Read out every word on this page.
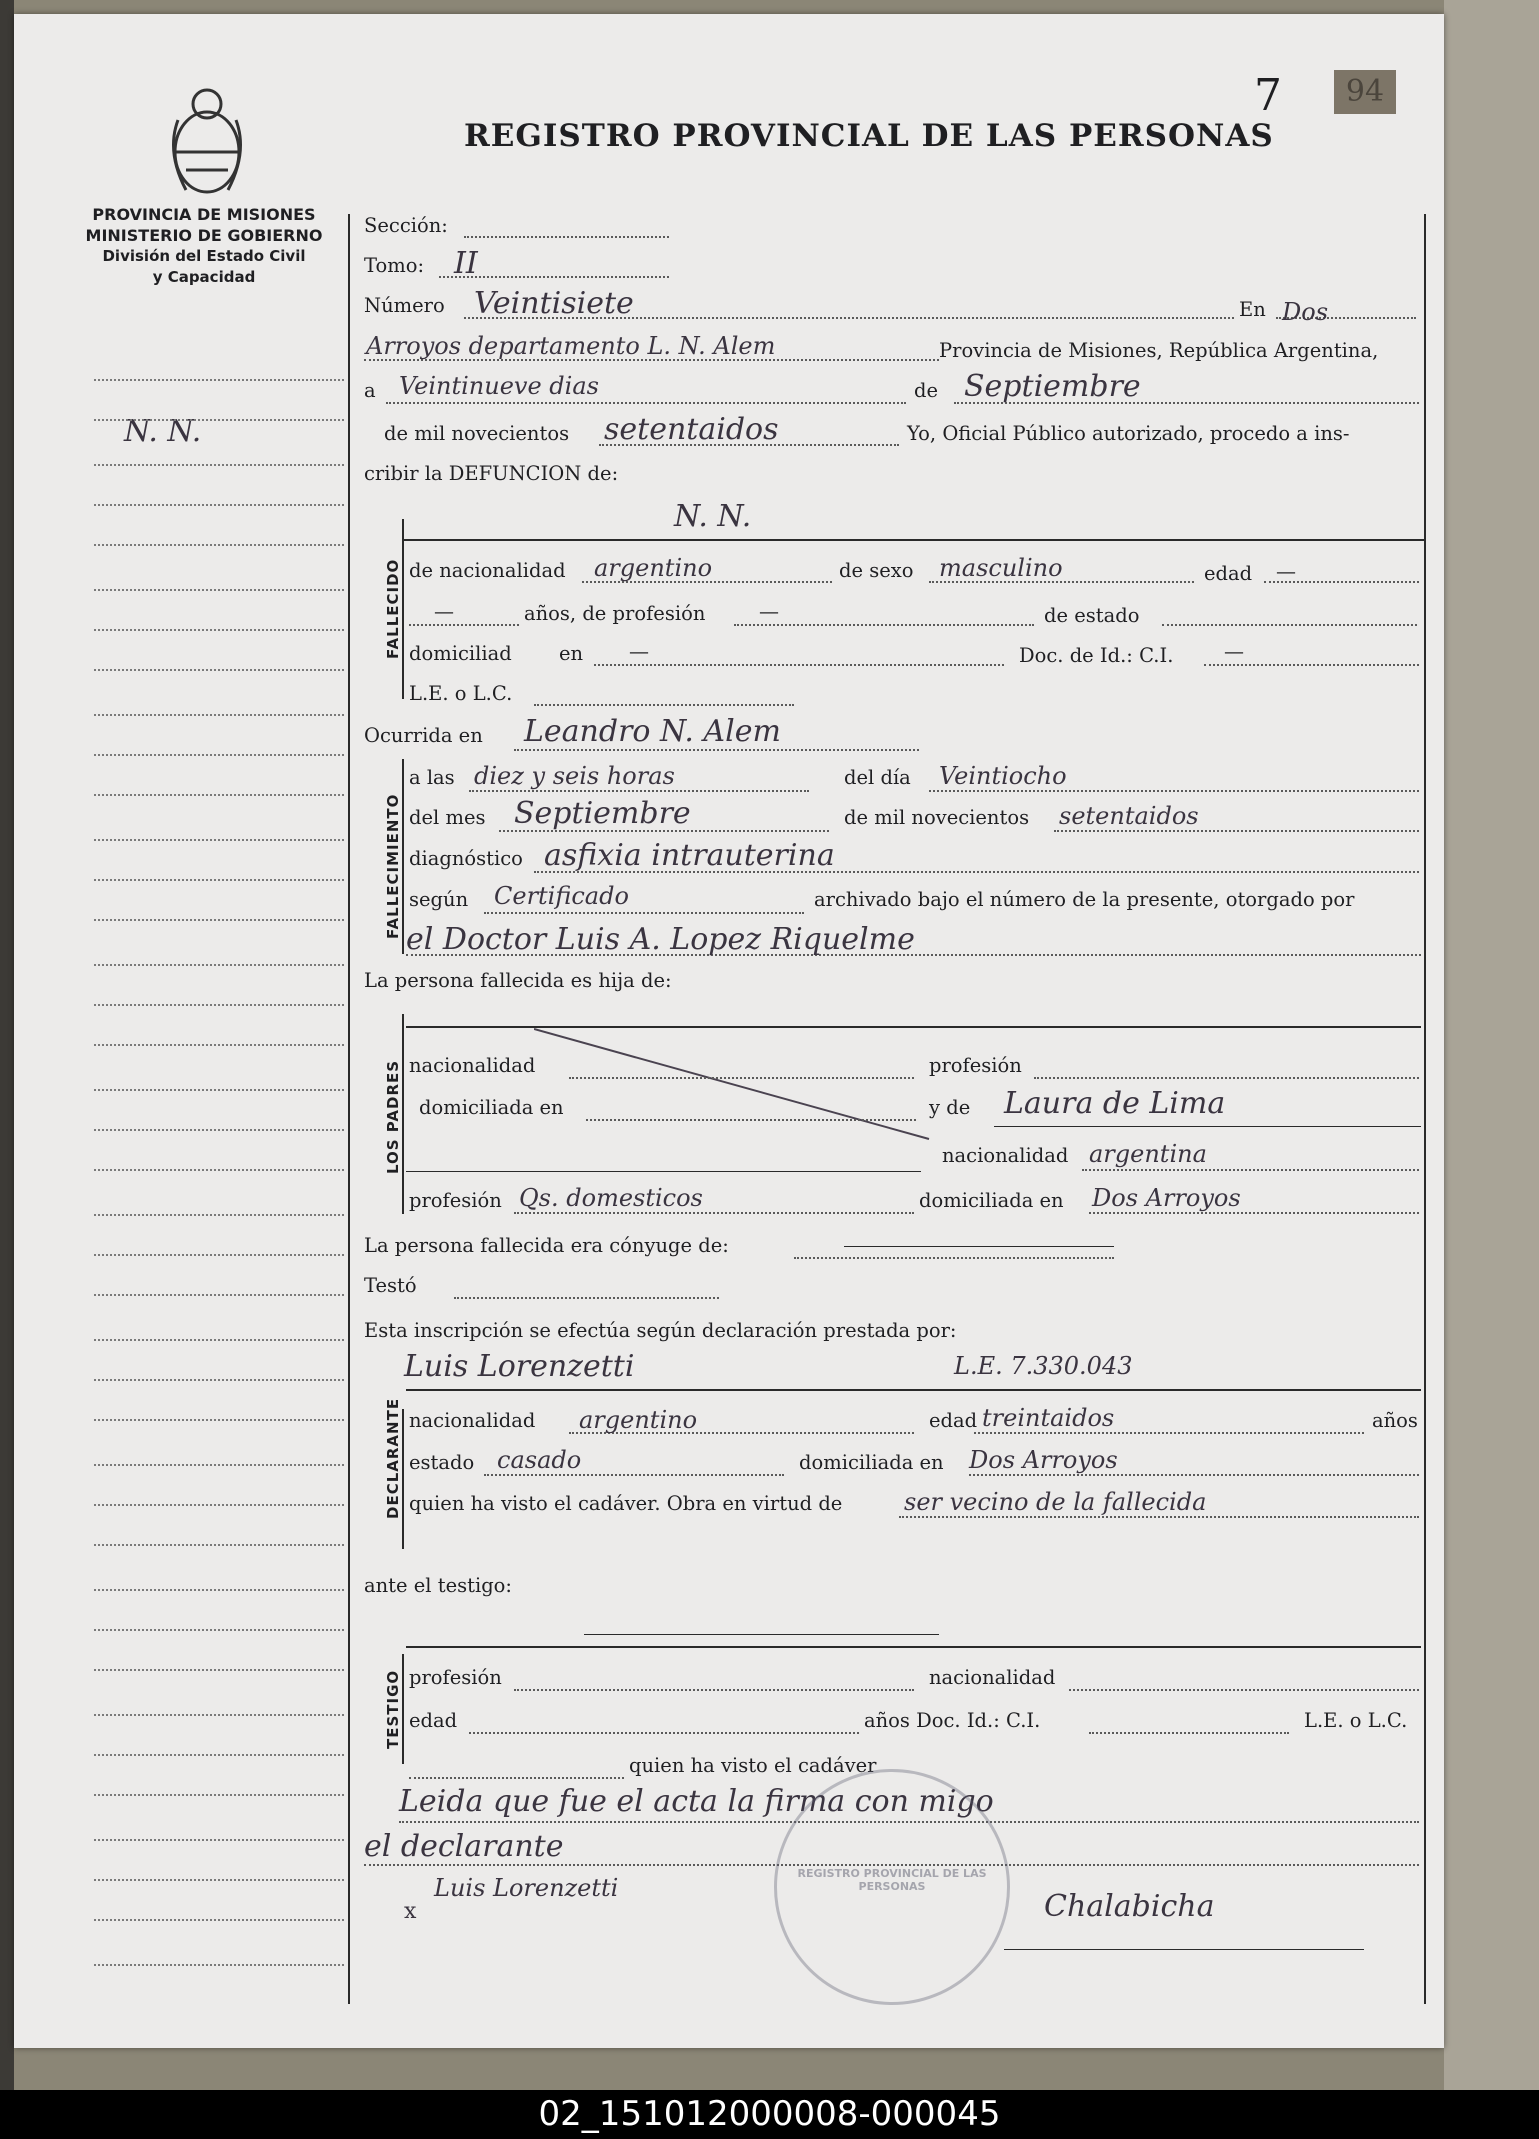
PROVINCIA DE MISIONES
MINISTERIO DE GOBIERNO
División del Estado Civil
y Capacidad
REGISTRO PROVINCIAL DE LAS PERSONAS
7	94
N. N.
Sección:
Tomo: II
Número Veintisiete	En Dos
Arroyos departamento L. N. Alem	Provincia de Misiones, República Argentina,
a Veintinueve dias	de Septiembre
de mil novecientos setentaidos	Yo, Oficial Público autorizado, procedo a ins-
cribir la DEFUNCION de:
FALLECIDO
N. N.
de nacionalidad argentino	de sexo masculino	edad —
—	años, de profesión	—	de estado
domiciliad en —	Doc. de Id.: C.I.	—
L.E. o L.C.
Ocurrida en Leandro N. Alem
FALLECIMIENTO
a las diez y seis horas	del día Veintiocho
del mes Septiembre	de mil novecientos setentaidos
diagnóstico asfixia intrauterina
según Certificado	archivado bajo el número de la presente, otorgado por
el Doctor Luis A. Lopez Riquelme
La persona fallecida es hija de:
LOS PADRES nacionalidad	profesión
domiciliada en	y de Laura de Lima
nacionalidad argentina
profesión Qs. domesticos	domiciliada en Dos Arroyos
La persona fallecida era cónyuge de:
Testó
Esta inscripción se efectúa según declaración prestada por:
DECLARANTE
Luis Lorenzetti	L.E. 7.330.043
nacionalidad argentino	edad treintaidos	años
estado casado	domiciliada en Dos Arroyos
quien ha visto el cadáver. Obra en virtud de	ser vecino de la fallecida
ante el testigo:
TESTIGO profesión	nacionalidad
edad	años Doc. Id.: C.I.	L.E. o L.C.
quien ha visto el cadáver
Leida que fue el acta la firma con migo
el declarante
Luis Lorenzetti
x	Chalabicha
REGISTRO PROVINCIAL DE LAS PERSONAS
02_151012000008-000045
